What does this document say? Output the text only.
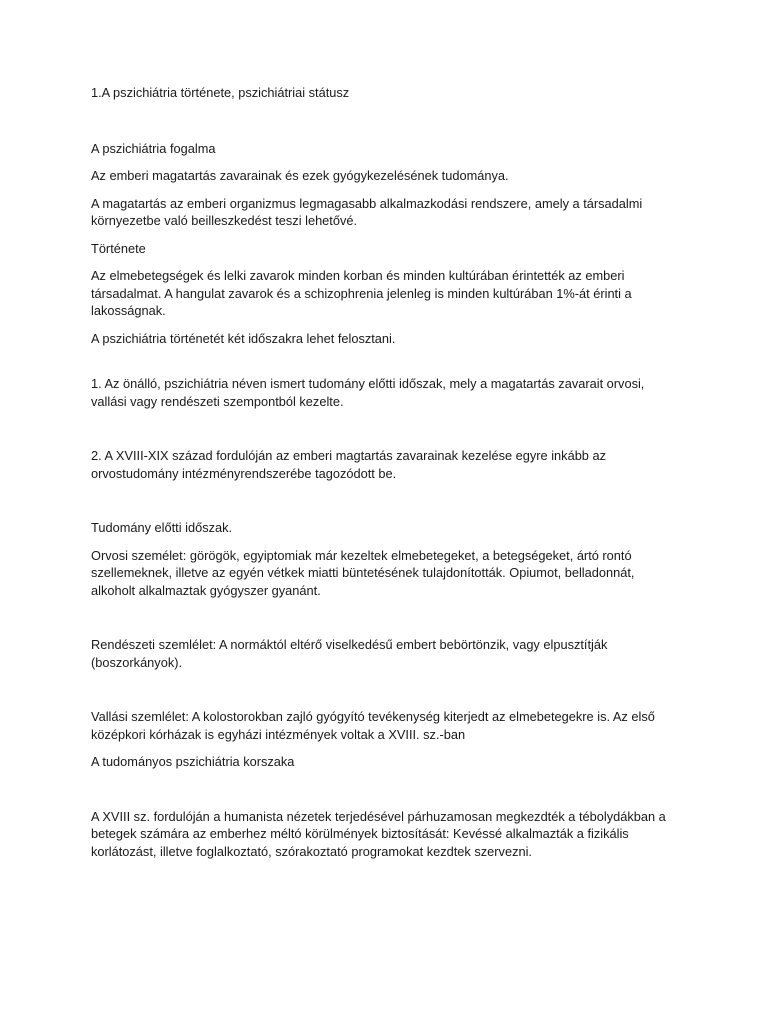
1.A pszichiátria története, pszichiátriai státusz

A pszichiátria fogalma

Az emberi magatartás zavarainak és ezek gyógykezelésének tudománya.

A magatartás az emberi organizmus legmagasabb alkalmazkodási rendszere, amely a társadalmi környezetbe való beilleszkedést teszi lehetővé.

Története

Az elmebetegségek és lelki zavarok minden korban és minden kultúrában érintették az emberi társadalmat. A hangulat zavarok és a schizophrenia jelenleg is minden kultúrában 1%-át érinti a lakosságnak.

A pszichiátria történetét két időszakra lehet felosztani.

1. Az önálló, pszichiátria néven ismert tudomány előtti időszak, mely a magatartás zavarait orvosi, vallási vagy rendészeti szempontból kezelte.

2. A XVIII-XIX század fordulóján az emberi magtartás zavarainak kezelése egyre inkább az orvostudomány intézményrendszerébe tagozódott be.

Tudomány előtti időszak.

Orvosi személet: görögök, egyiptomiak már kezeltek elmebetegeket, a betegségeket, ártó rontó szellemeknek, illetve az egyén vétkek miatti büntetésének tulajdonították. Opiumot, belladonnát, alkoholt alkalmaztak gyógyszer gyanánt.

Rendészeti szemlélet: A normáktól eltérő viselkedésű embert bebörtönzik, vagy elpusztítják (boszorkányok).

Vallási szemlélet: A kolostorokban zajló gyógyító tevékenység kiterjedt az elmebetegekre is. Az első középkori kórházak is egyházi intézmények voltak a XVIII. sz.-ban

A tudományos pszichiátria korszaka

A XVIII sz. fordulóján a humanista nézetek terjedésével párhuzamosan megkezdték a tébolydákban a betegek számára az emberhez méltó körülmények biztosítását: Kevéssé alkalmazták a fizikális korlátozást, illetve foglalkoztató, szórakoztató programokat kezdtek szervezni.
